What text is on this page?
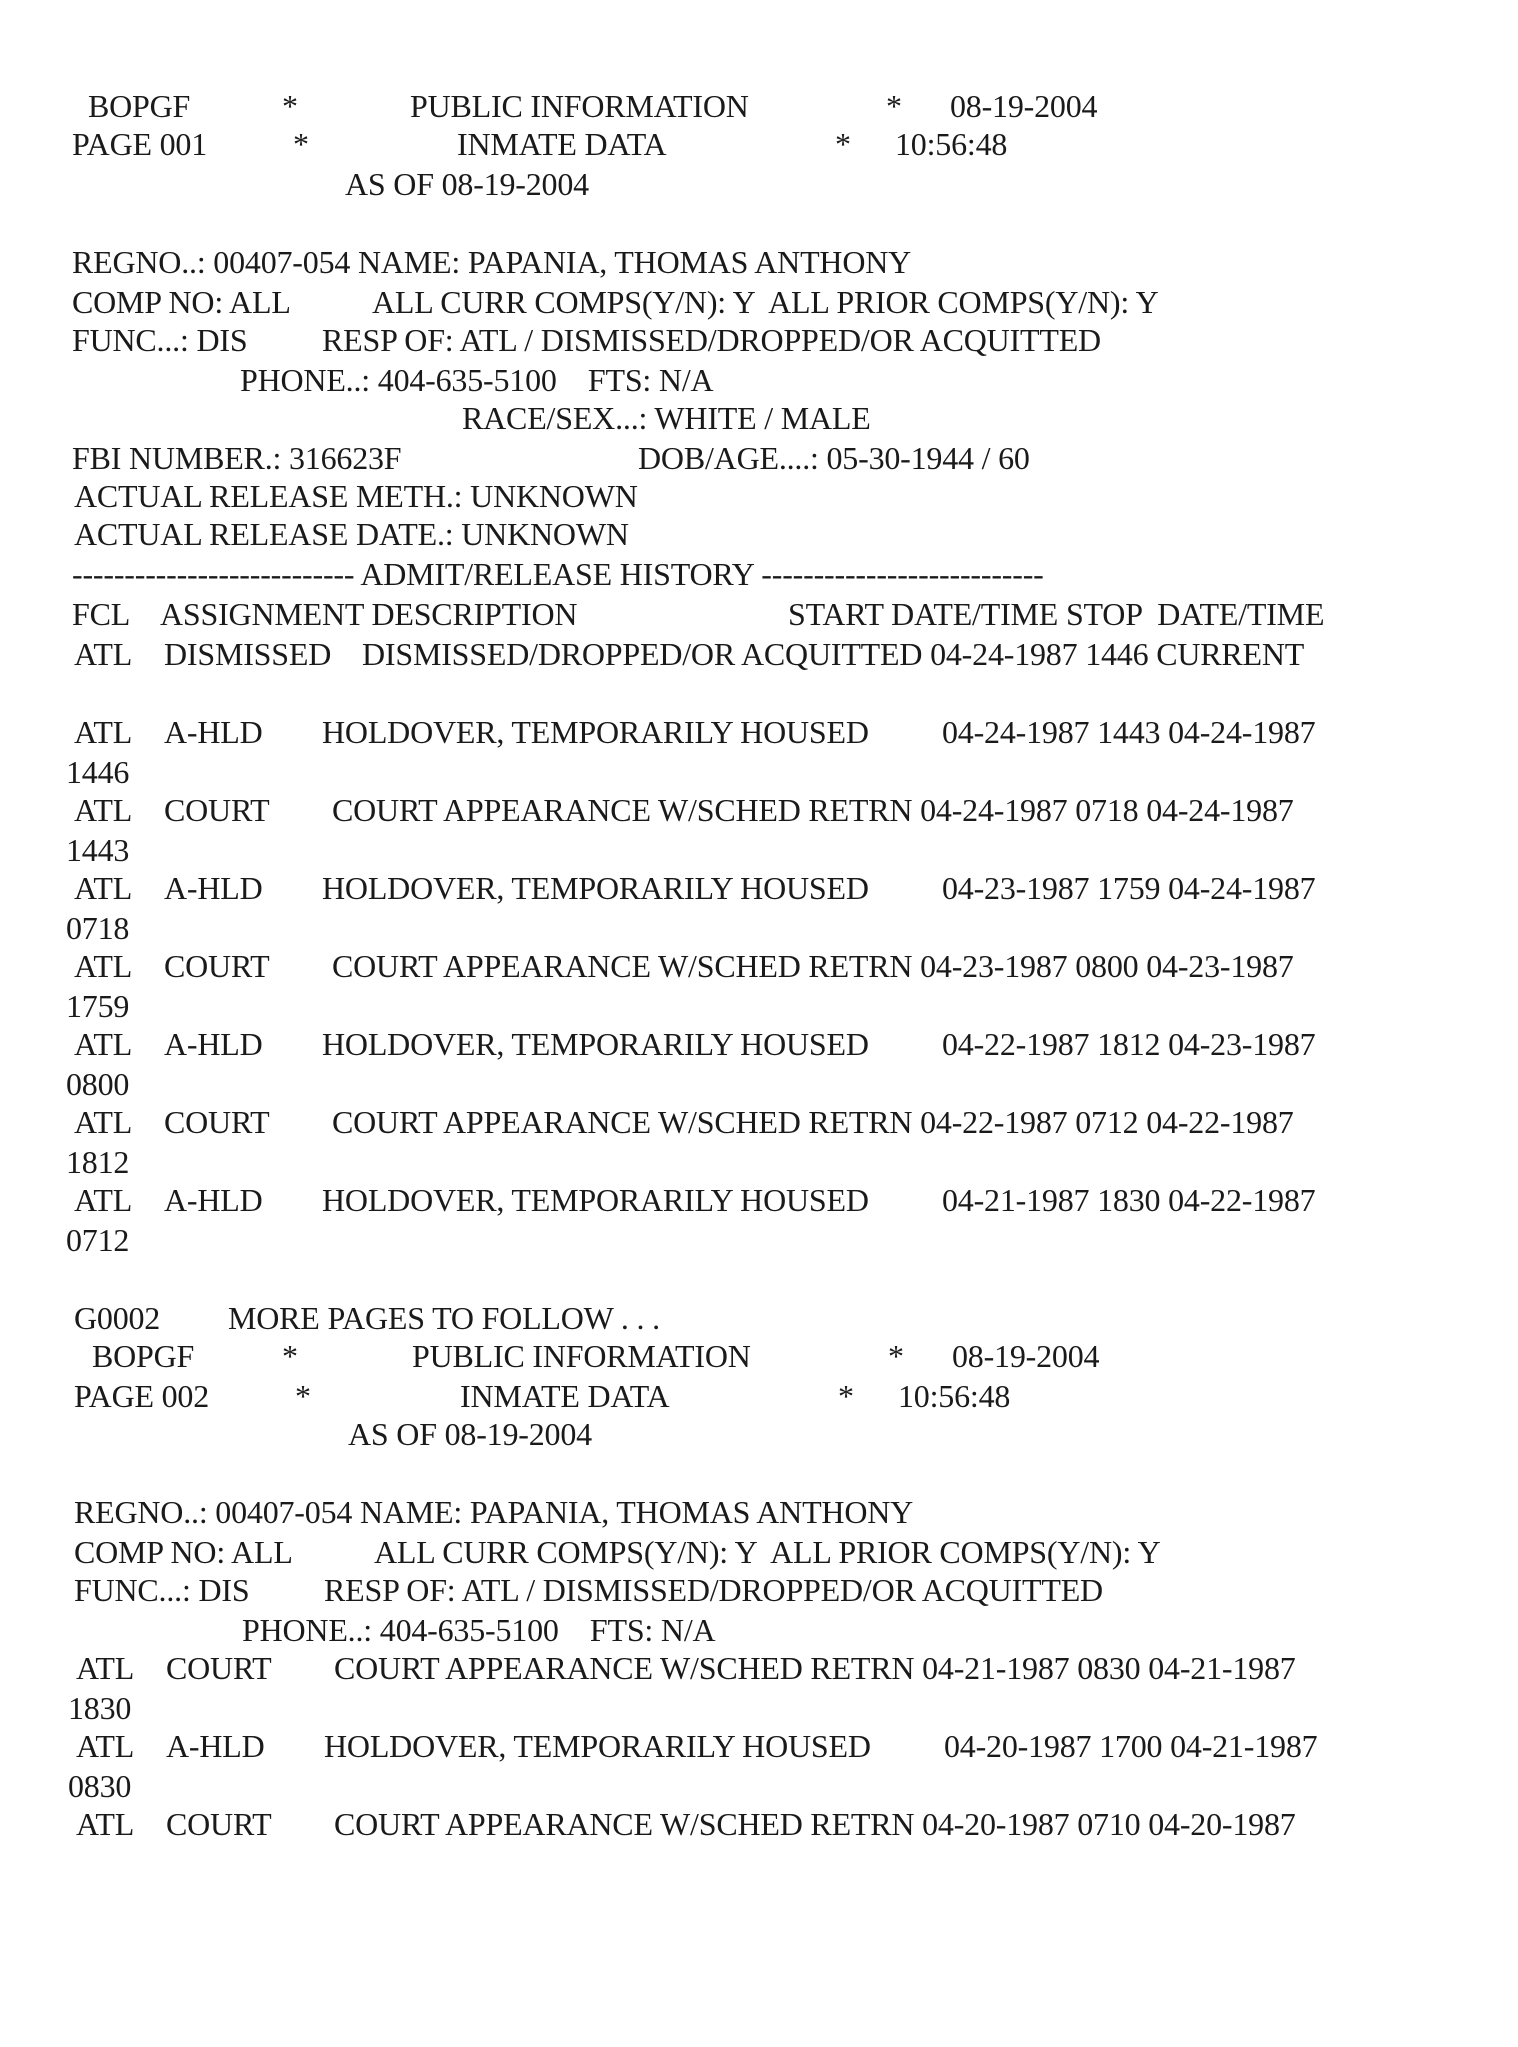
BOPGF	*	PUBLIC INFORMATION	* 08-19-2004
PAGE 001	*	INMATE DATA	* 10:56:48
AS OF 08-19-2004
REGNO..: 00407-054 NAME: PAPANIA, THOMAS ANTHONY
COMP NO: ALL	ALL CURR COMPS(Y/N): Y  ALL PRIOR COMPS(Y/N): Y
FUNC...: DIS RESP OF: ATL / DISMISSED/DROPPED/OR ACQUITTED
PHONE..: 404-635-5100    FTS: N/A
RACE/SEX...: WHITE / MALE
FBI NUMBER.: 316623F	DOB/AGE....: 05-30-1944 / 60
ACTUAL RELEASE METH.: UNKNOWN
ACTUAL RELEASE DATE.: UNKNOWN
--------------------------- ADMIT/RELEASE HISTORY ---------------------------
FCL ASSIGNMENT DESCRIPTION	START DATE/TIME STOP  DATE/TIME
ATL DISMISSED DISMISSED/DROPPED/OR ACQUITTED 04-24-1987 1446 CURRENT
ATL A-HLD HOLDOVER, TEMPORARILY HOUSED 04-24-1987 1443 04-24-1987
1446
ATL COURT COURT APPEARANCE W/SCHED RETRN 04-24-1987 0718 04-24-1987
1443
ATL A-HLD HOLDOVER, TEMPORARILY HOUSED 04-23-1987 1759 04-24-1987
0718
ATL COURT COURT APPEARANCE W/SCHED RETRN 04-23-1987 0800 04-23-1987
1759
ATL A-HLD HOLDOVER, TEMPORARILY HOUSED 04-22-1987 1812 04-23-1987
0800
ATL COURT COURT APPEARANCE W/SCHED RETRN 04-22-1987 0712 04-22-1987
1812
ATL A-HLD HOLDOVER, TEMPORARILY HOUSED 04-21-1987 1830 04-22-1987
0712
G0002 MORE PAGES TO FOLLOW . . .
BOPGF	*	PUBLIC INFORMATION	* 08-19-2004
PAGE 002	*	INMATE DATA	* 10:56:48
AS OF 08-19-2004
REGNO..: 00407-054 NAME: PAPANIA, THOMAS ANTHONY
COMP NO: ALL	ALL CURR COMPS(Y/N): Y  ALL PRIOR COMPS(Y/N): Y
FUNC...: DIS RESP OF: ATL / DISMISSED/DROPPED/OR ACQUITTED
PHONE..: 404-635-5100    FTS: N/A
ATL COURT COURT APPEARANCE W/SCHED RETRN 04-21-1987 0830 04-21-1987
1830
ATL A-HLD HOLDOVER, TEMPORARILY HOUSED 04-20-1987 1700 04-21-1987
0830
ATL COURT COURT APPEARANCE W/SCHED RETRN 04-20-1987 0710 04-20-1987
